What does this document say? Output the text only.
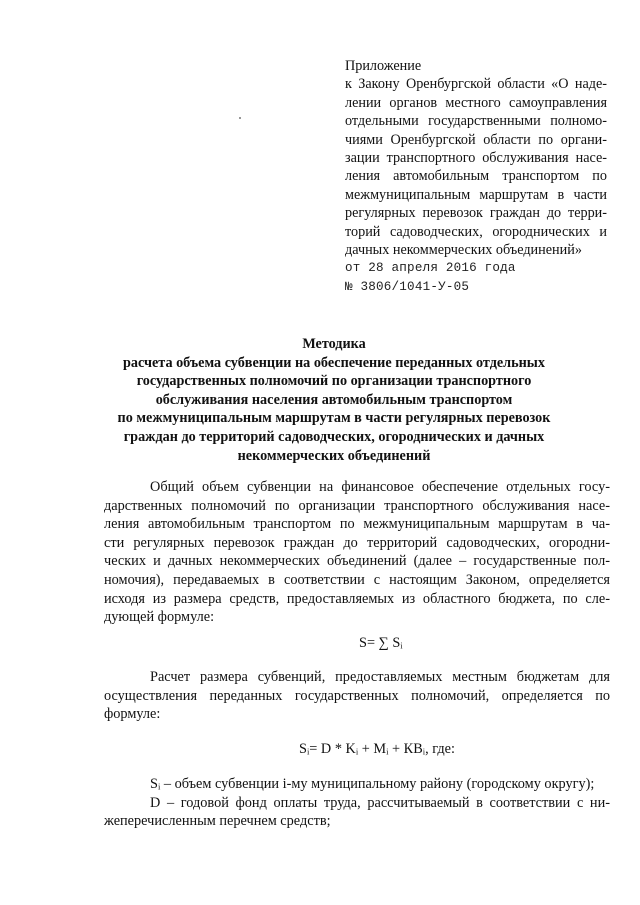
Приложение
к Закону Оренбургской области «О наде-
лении органов местного самоуправления
отдельными государственными полномо-
чиями Оренбургской области по органи-
зации транспортного обслуживания насе-
ления автомобильным транспортом по
межмуниципальным маршрутам в части
регулярных перевозок граждан до терри-
торий садоводческих, огороднических и
дачных некоммерческих объединений»
от 28 апреля 2016 года
№ 3806/1041-У-05
Методика
расчета объема субвенции на обеспечение переданных отдельных
государственных полномочий по организации транспортного
обслуживания населения автомобильным транспортом
по межмуниципальным маршрутам в части регулярных перевозок
граждан до территорий садоводческих, огороднических и дачных
некоммерческих объединений
Общий объем субвенции на финансовое обеспечение отдельных госу-
дарственных полномочий по организации транспортного обслуживания насе-
ления автомобильным транспортом по межмуниципальным маршрутам в ча-
сти регулярных перевозок граждан до территорий садоводческих, огородни-
ческих и дачных некоммерческих объединений (далее – государственные пол-
номочия), передаваемых в соответствии с настоящим Законом, определяется
исходя из размера средств, предоставляемых из областного бюджета, по сле-
дующей формуле:
S= ∑ Sᵢ
Расчет размера субвенций, предоставляемых местным бюджетам для
осуществления переданных государственных полномочий, определяется по
формуле:
Sᵢ= D * Kᵢ + Mᵢ + КВᵢ, где:
Sᵢ – объем субвенции i-му муниципальному району (городскому округу);
D – годовой фонд оплаты труда, рассчитываемый в соответствии с ни-
жеперечисленным перечнем средств;
